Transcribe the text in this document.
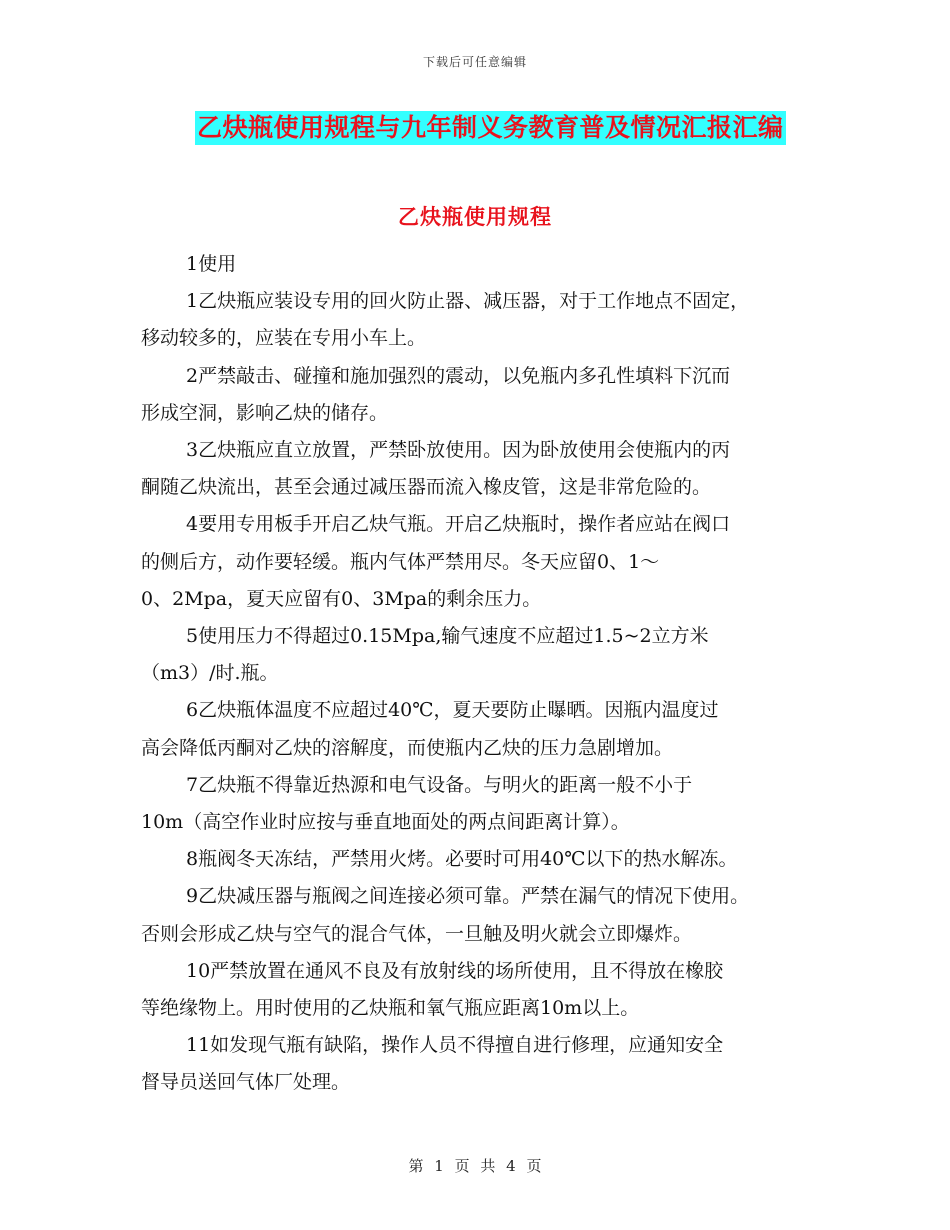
下载后可任意编辑
乙炔瓶使用规程与九年制义务教育普及情况汇报汇编
乙炔瓶使用规程

1使用

1乙炔瓶应装设专用的回火防止器、减压器，对于工作地点不固定，

移动较多的，应装在专用小车上。

2严禁敲击、碰撞和施加强烈的震动，以免瓶内多孔性填料下沉而

形成空洞，影响乙炔的储存。

3乙炔瓶应直立放置，严禁卧放使用。因为卧放使用会使瓶内的丙

酮随乙炔流出，甚至会通过减压器而流入橡皮管，这是非常危险的。

4要用专用板手开启乙炔气瓶。开启乙炔瓶时，操作者应站在阀口

的侧后方，动作要轻缓。瓶内气体严禁用尽。冬天应留0、1～

0、2Mpa，夏天应留有0、3Mpa的剩余压力。

5使用压力不得超过0.15Mpa,输气速度不应超过1.5~2立方米

（m3）/时.瓶。

6乙炔瓶体温度不应超过40℃，夏天要防止曝晒。因瓶内温度过

高会降低丙酮对乙炔的溶解度，而使瓶内乙炔的压力急剧增加。

7乙炔瓶不得靠近热源和电气设备。与明火的距离一般不小于

10m（高空作业时应按与垂直地面处的两点间距离计算）。

8瓶阀冬天冻结，严禁用火烤。必要时可用40℃以下的热水解冻。

9乙炔减压器与瓶阀之间连接必须可靠。严禁在漏气的情况下使用。

否则会形成乙炔与空气的混合气体，一旦触及明火就会立即爆炸。

10严禁放置在通风不良及有放射线的场所使用，且不得放在橡胶

等绝缘物上。用时使用的乙炔瓶和氧气瓶应距离10m以上。

11如发现气瓶有缺陷，操作人员不得擅自进行修理，应通知安全

督导员送回气体厂处理。

第 1 页 共 4 页
